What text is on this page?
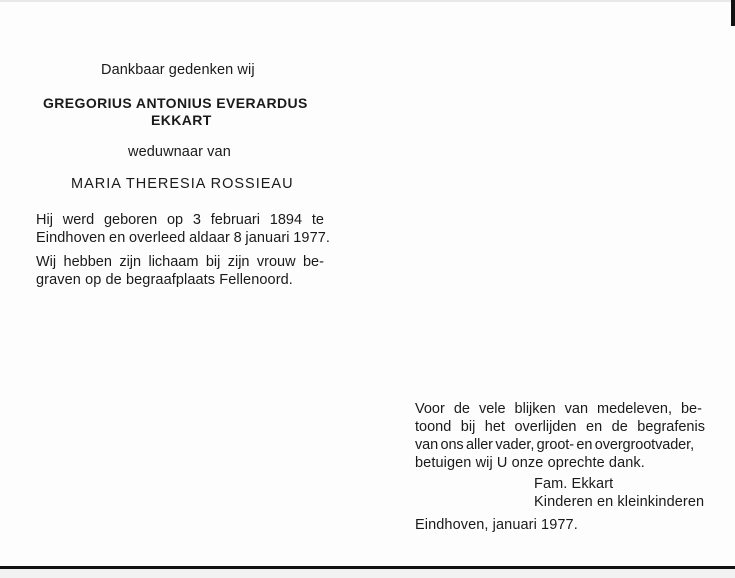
Dankbaar gedenken wij

GREGORIUS ANTONIUS EVERARDUS

EKKART

weduwnaar van

MARIA THERESIA ROSSIEAU

Hij werd geboren op 3 februari 1894 te

Eindhoven en overleed aldaar 8 januari 1977.

Wij hebben zijn lichaam bij zijn vrouw be-

graven op de begraafplaats Fellenoord.

Voor de vele blijken van medeleven, be-
toond bij het overlijden en de begrafenis

van ons aller vader, groot- en overgrootvader,

betuigen wij U onze oprechte dank.

Fam. Ekkart

Kinderen en kleinkinderen

Eindhoven, januari 1977.
